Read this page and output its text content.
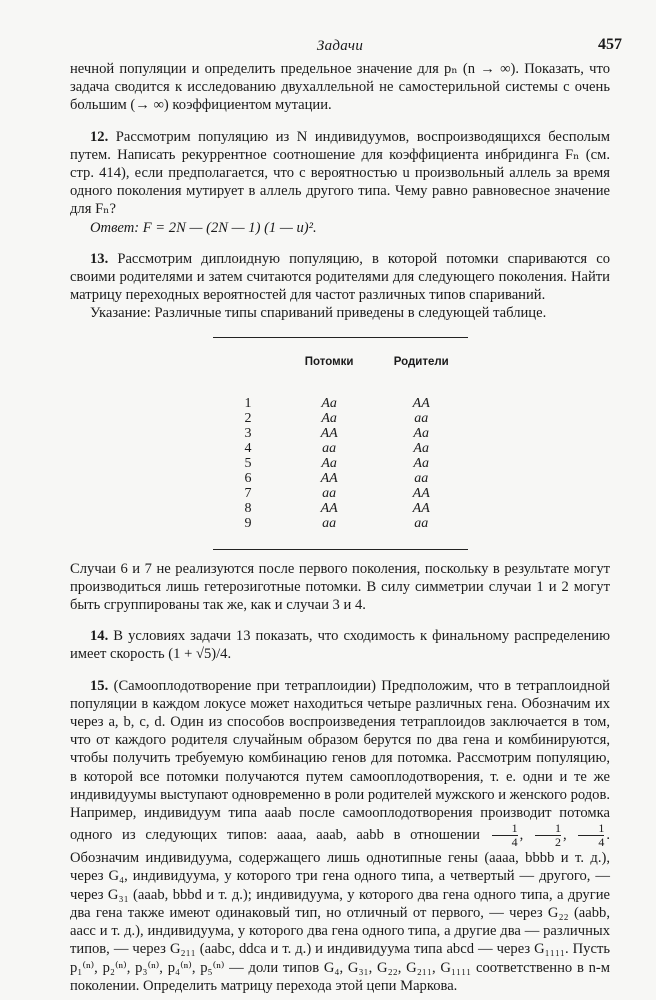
Задачи	457

нечной популяции и определить предельное значение для pₙ (n → ∞). Показать, что задача сводится к исследованию двухаллельной не самостерильной системы с очень большим (→ ∞) коэффициентом мутации.

12. Рассмотрим популяцию из N индивидуумов, воспроизводящихся бесполым путем. Написать рекуррентное соотношение для коэффициента инбридинга Fₙ (см. стр. 414), если предполагается, что с вероятностью u произвольный аллель за время одного поколения мутирует в аллель другого типа. Чему равно равновесное значение для Fₙ?

Ответ: F = 2N — (2N — 1) (1 — u)².

13. Рассмотрим диплоидную популяцию, в которой потомки спариваются со своими родителями и затем считаются родителями для следующего поколения. Найти матрицу переходных вероятностей для частот различных типов спариваний.

Указание: Различные типы спариваний приведены в следующей таблице.

	Потомки	Родители
1	Aa	AA
2	Aa	aa
3	AA	Aa
4	aa	Aa
5	Aa	Aa
6	AA	aa
7	aa	AA
8	AA	AA
9	aa	aa

Случаи 6 и 7 не реализуются после первого поколения, поскольку в результате могут производиться лишь гетерозиготные потомки. В силу симметрии случаи 1 и 2 могут быть сгруппированы так же, как и случаи 3 и 4.

14. В условиях задачи 13 показать, что сходимость к финальному распределению имеет скорость (1 + √5)/4.

15. (Самооплодотворение при тетраплоидии) Предположим, что в тетраплоидной популяции в каждом локусе может находиться четыре различных гена. Обозначим их через a, b, c, d. Один из способов воспроизведения тетраплоидов заключается в том, что от каждого родителя случайным образом берутся по два гена и комбинируются, чтобы получить требуемую комбинацию генов для потомка. Рассмотрим популяцию, в которой все потомки получаются путем самооплодотворения, т. е. одни и те же индивидуумы выступают одновременно в роли родителей мужского и женского родов. Например, индивидуум типа aaab после самооплодотворения производит потомка одного из следующих типов: aaaa, aaab, aabb в отношении $\frac{1}{4}$ , $\frac{1}{2}$ , $\frac{1}{4}$ . Обозначим индивидуума, содержащего лишь однотипные гены (aaaa, bbbb и т. д.), через G₄, индивидуума, у которого три гена одного типа, а четвертый — другого, — через G₃₁ (aaab, bbbd и т. д.); индивидуума, у которого два гена одного типа, а другие два гена также имеют одинаковый тип, но отличный от первого, — через G₂₂ (aabb, aacc и т. д.), индивидуума, у которого два гена одного типа, а другие два — различных типов, — через G₂₁₁ (aabc, ddca и т. д.) и индивидуума типа abcd — через G₁₁₁₁. Пусть p₁⁽ⁿ⁾, p₂⁽ⁿ⁾, p₃⁽ⁿ⁾, p₄⁽ⁿ⁾, p₅⁽ⁿ⁾ — доли типов G₄, G₃₁, G₂₂, G₂₁₁, G₁₁₁₁ соответственно в n-м поколении. Определить матрицу перехода этой цепи Маркова.
